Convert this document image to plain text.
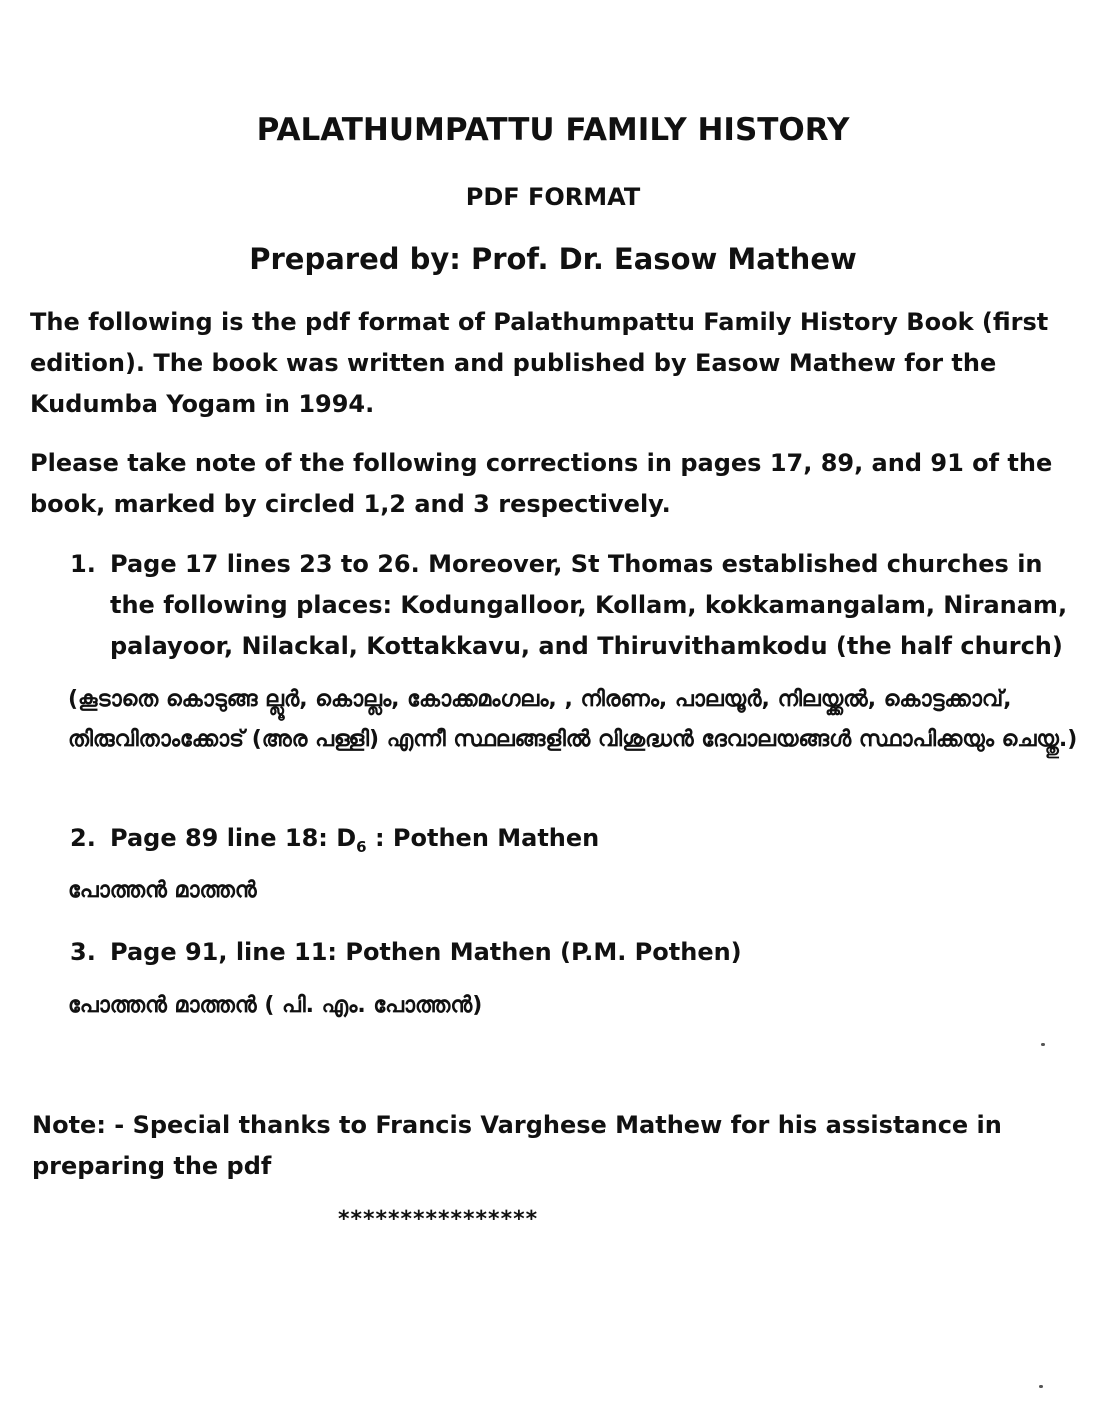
PALATHUMPATTU FAMILY HISTORY
PDF FORMAT
Prepared by: Prof. Dr. Easow Mathew
The following is the pdf format of Palathumpattu Family History Book (first edition). The book was written and published by Easow Mathew for the Kudumba Yogam in 1994.
Please take note of the following corrections in pages 17, 89, and 91 of the book, marked by circled 1,2 and 3 respectively.
1. Page 17 lines 23 to 26. Moreover, St Thomas established churches in the following places: Kodungalloor, Kollam, kokkamangalam, Niranam, palayoor, Nilackal, Kottakkavu, and Thiruvithamkodu (the half church)
(കൂടാതെ കൊടുങ്ങ ല്ലൂർ, കൊല്ലം, കോക്കമംഗലം, , നിരണം, പാലയൂർ, നിലയ്ക്കൽ, കൊട്ടക്കാവ്, തിരുവിതാംക്കോട് (അര പള്ളി) എന്നീ സ്ഥലങ്ങളിൽ വിശുദ്ധൻ ദേവാലയങ്ങൾ സ്ഥാപിക്കയും ചെയ്തു.)
2. Page 89 line 18: $D_6$ : Pothen Mathen
പോത്തൻ മാത്തൻ
3. Page 91, line 11: Pothen Mathen (P.M. Pothen)
പോത്തൻ മാത്തൻ ( പി. എം. പോത്തൻ)
Note: - Special thanks to Francis Varghese Mathew for his assistance in preparing the pdf
****************
